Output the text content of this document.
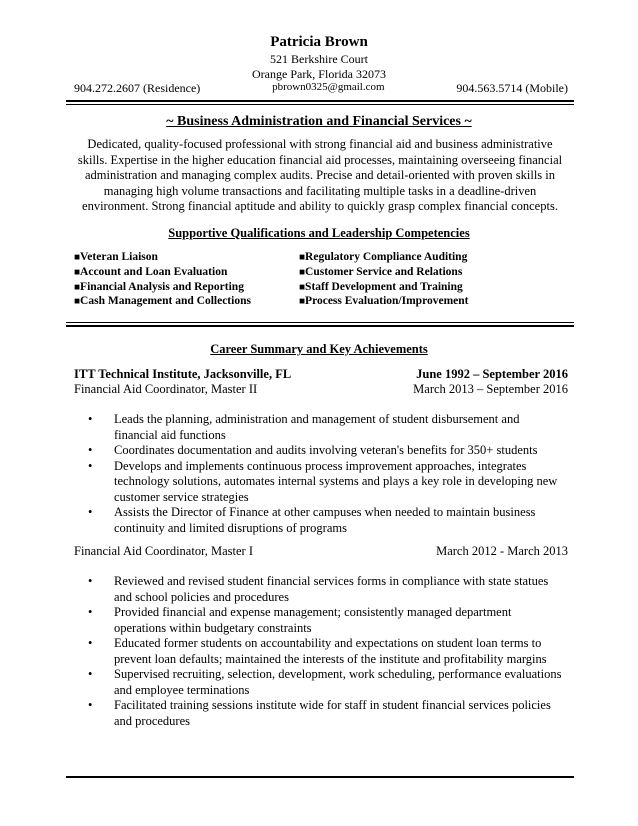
Patricia Brown
521 Berkshire Court
Orange Park, Florida 32073
904.272.2607 (Residence)	pbrown0325@gmail.com	904.563.5714 (Mobile)
~ Business Administration and Financial Services ~
Dedicated, quality-focused professional with strong financial aid and business administrative
skills. Expertise in the higher education financial aid processes, maintaining overseeing financial
administration and managing complex audits. Precise and detail-oriented with proven skills in
managing high volume transactions and facilitating multiple tasks in a deadline-driven
environment. Strong financial aptitude and ability to quickly grasp complex financial concepts.
Supportive Qualifications and Leadership Competencies
■Veteran Liaison	■Regulatory Compliance Auditing
■Account and Loan Evaluation	■Customer Service and Relations
■Financial Analysis and Reporting	■Staff Development and Training
■Cash Management and Collections	■Process Evaluation/Improvement
Career Summary and Key Achievements
ITT Technical Institute, Jacksonville, FL	June 1992 – September 2016
Financial Aid Coordinator, Master II	March 2013 – September 2016
• Leads the planning, administration and management of student disbursement and financial aid functions
• Coordinates documentation and audits involving veteran's benefits for 350+ students
• Develops and implements continuous process improvement approaches, integrates technology solutions, automates internal systems and plays a key role in developing new customer service strategies
• Assists the Director of Finance at other campuses when needed to maintain business continuity and limited disruptions of programs
Financial Aid Coordinator, Master I	March 2012 - March 2013
• Reviewed and revised student financial services forms in compliance with state statues and school policies and procedures
• Provided financial and expense management; consistently managed department operations within budgetary constraints
• Educated former students on accountability and expectations on student loan terms to prevent loan defaults; maintained the interests of the institute and profitability margins
• Supervised recruiting, selection, development, work scheduling, performance evaluations and employee terminations
• Facilitated training sessions institute wide for staff in student financial services policies and procedures
